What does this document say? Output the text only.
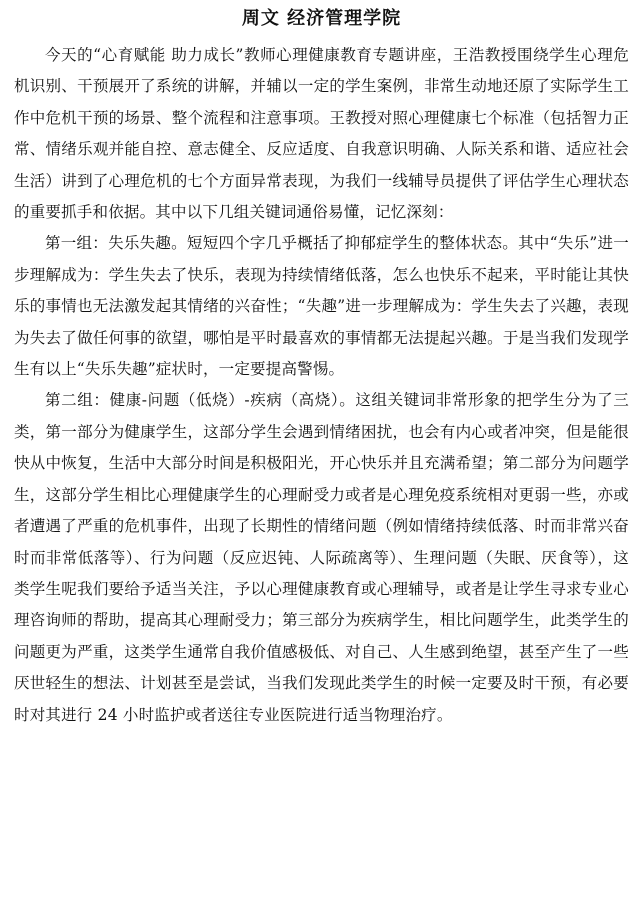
周文 经济管理学院

今天的“心育赋能 助力成长”教师心理健康教育专题讲座，王浩教授围绕学生心理危机识别、干预展开了系统的讲解，并辅以一定的学生案例，非常生动地还原了实际学生工作中危机干预的场景、整个流程和注意事项。王教授对照心理健康七个标准（包括智力正常、情绪乐观并能自控、意志健全、反应适度、自我意识明确、人际关系和谐、适应社会生活）讲到了心理危机的七个方面异常表现，为我们一线辅导员提供了评估学生心理状态的重要抓手和依据。其中以下几组关键词通俗易懂，记忆深刻：

第一组：失乐失趣。短短四个字几乎概括了抑郁症学生的整体状态。其中“失乐”进一步理解成为：学生失去了快乐，表现为持续情绪低落，怎么也快乐不起来，平时能让其快乐的事情也无法激发起其情绪的兴奋性；“失趣”进一步理解成为：学生失去了兴趣，表现为失去了做任何事的欲望，哪怕是平时最喜欢的事情都无法提起兴趣。于是当我们发现学生有以上“失乐失趣”症状时，一定要提高警惕。

第二组：健康-问题（低烧）-疾病（高烧）。这组关键词非常形象的把学生分为了三类，第一部分为健康学生，这部分学生会遇到情绪困扰，也会有内心或者冲突，但是能很快从中恢复，生活中大部分时间是积极阳光，开心快乐并且充满希望；第二部分为问题学生，这部分学生相比心理健康学生的心理耐受力或者是心理免疫系统相对更弱一些，亦或者遭遇了严重的危机事件，出现了长期性的情绪问题（例如情绪持续低落、时而非常兴奋时而非常低落等）、行为问题（反应迟钝、人际疏离等）、生理问题（失眠、厌食等），这类学生呢我们要给予适当关注，予以心理健康教育或心理辅导，或者是让学生寻求专业心理咨询师的帮助，提高其心理耐受力；第三部分为疾病学生，相比问题学生，此类学生的问题更为严重，这类学生通常自我价值感极低、对自己、人生感到绝望，甚至产生了一些厌世轻生的想法、计划甚至是尝试，当我们发现此类学生的时候一定要及时干预，有必要时对其进行 24 小时监护或者送往专业医院进行适当物理治疗。
